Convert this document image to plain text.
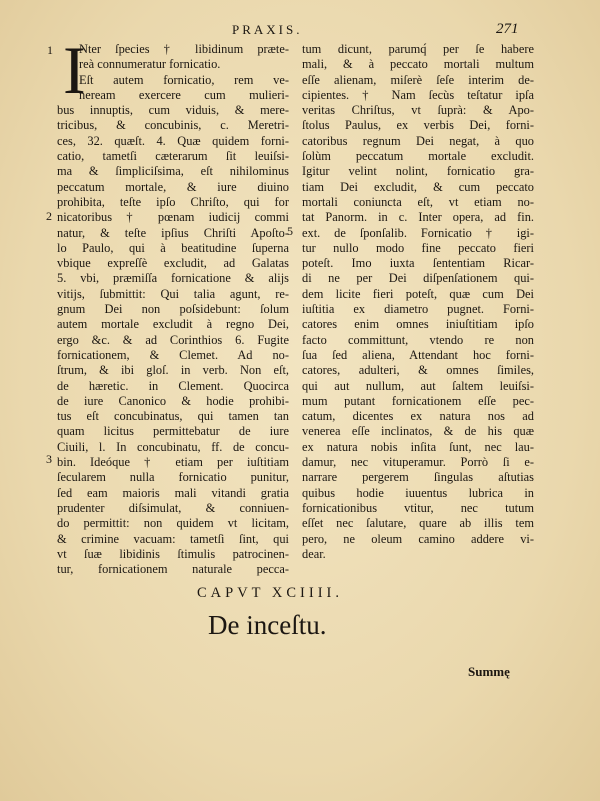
PRAXIS.	271
I
1
2
5
3
Nter ſpecies † libidinum præte-
reà connumeratur fornicatio.
Eſt autem fornicatio, rem ve-
neream exercere cum mulieri-
bus innuptis, cum viduis, & mere-
tricibus, & concubinis, c. Meretri-
ces, 32. quæſt. 4. Quæ quidem forni-
catio, tametſi cæterarum ſit leuiſsi-
ma & ſimpliciſsima, eſt nihilominus
peccatum mortale, & iure diuino
prohibita, teſte ipſo Chriſto, qui for
nicatoribus † pœnam iudicij commi
natur, & teſte ipſius Chriſti Apoſto-
lo Paulo, qui à beatitudine ſuperna
vbique expreſſè excludit, ad Galatas
5. vbi, præmiſſa fornicatione & alijs
vitijs, ſubmittit: Qui talia agunt, re-
gnum Dei non poſsidebunt: ſolum
autem mortale excludit à regno Dei,
ergo &c. & ad Corinthios 6. Fugite
fornicationem, & Clemet. Ad no-
ſtrum, & ibi gloſ. in verb. Non eſt,
de hæretic. in Clement. Quocirca
de iure Canonico & hodie prohibi-
tus eſt concubinatus, qui tamen tan
quam licitus permittebatur de iure
Ciuili, l. In concubinatu, ff. de concu-
bin. Ideóque † etiam per iuſtitiam
ſecularem nulla fornicatio punitur,
ſed eam maioris mali vitandi gratia
prudenter diſsimulat, & conniuen-
do permittit: non quidem vt licitam,
& crimine vacuam: tametſi ſint, qui
vt ſuæ libidinis ſtimulis patrocinen-
tur, fornicationem naturale pecca-
tum dicunt, parumq́ per ſe habere
mali, & à peccato mortali multum
eſſe alienam, miſerè ſeſe interim de-
cipientes. † Nam ſecùs teſtatur ipſa
veritas Chriſtus, vt ſuprà: & Apo-
ſtolus Paulus, ex verbis Dei, forni-
catoribus regnum Dei negat, à quo
ſolùm peccatum mortale excludit.
Igitur velint nolint, fornicatio gra-
tiam Dei excludit, & cum peccato
mortali coniuncta eſt, vt etiam no-
tat Panorm. in c. Inter opera, ad fin.
ext. de ſponſalib. Fornicatio † igi-
tur nullo modo fine peccato fieri
poteſt. Imo iuxta ſententiam Ricar-
di ne per Dei diſpenſationem qui-
dem licite fieri poteſt, quæ cum Dei
iuſtitia ex diametro pugnet. Forni-
catores enim omnes iniuſtitiam ipſo
facto committunt, vtendo re non
ſua ſed aliena, Attendant hoc forni-
catores, adulteri, & omnes ſimiles,
qui aut nullum, aut ſaltem leuiſsi-
mum putant fornicationem eſſe pec-
catum, dicentes ex natura nos ad
venerea eſſe inclinatos, & de his quæ
ex natura nobis inſita ſunt, nec lau-
damur, nec vituperamur. Porrò ſi e-
narrare pergerem ſingulas aſtutias
quibus hodie iuuentus lubrica in
fornicationibus vtitur, nec tutum
eſſet nec ſalutare, quare ab illis tem
pero, ne oleum camino addere vi-
dear.
CAPVT XCIIII.
De inceſtu.
Summę
